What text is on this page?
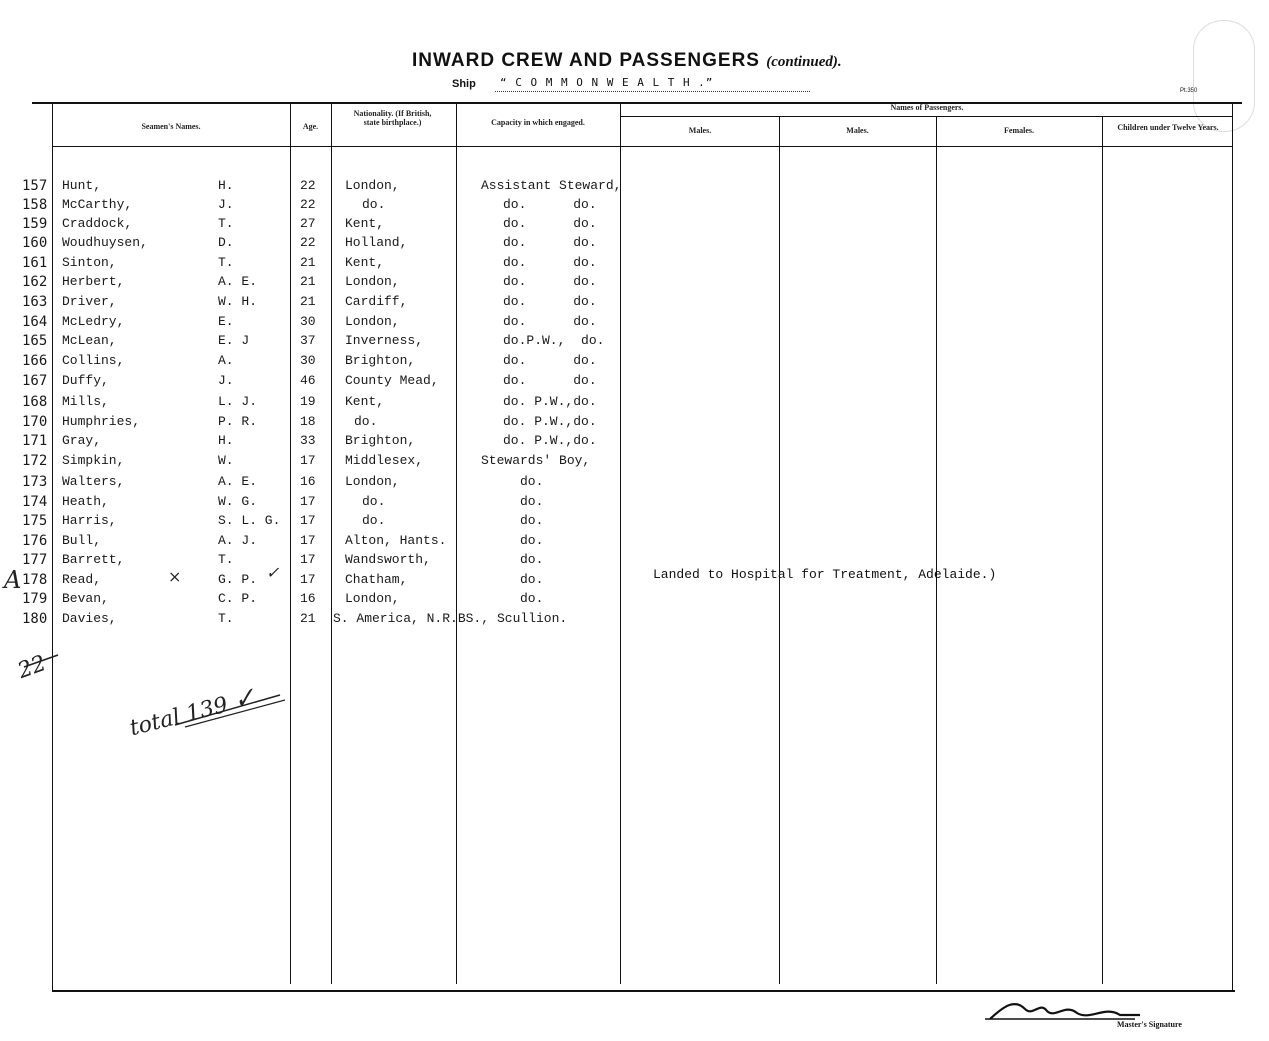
INWARD CREW AND PASSENGERS (continued).
Ship “ C O M M O N W E A L T H .”
Pt.350
Seamen's Names.	Age.
Nationality. (If British, state birthplace.)	Capacity in which engaged.
Names of Passengers.
Males.	Males.	Females.	Children under Twelve Years.
157 Hunt,	H.	22 London,	Assistant Steward,
158 McCarthy,	J.	22	do.	do.      do.
159 Craddock,	T.	27 Kent,	do.      do.
160 Woudhuysen,	D.	22 Holland,	do.      do.
161 Sinton,	T.	21 Kent,	do.      do.
162 Herbert,	A. E.	21 London,	do.      do.
163 Driver,	W. H.	21 Cardiff,	do.      do.
164 McLedry,	E.	30 London,	do.      do.
165 McLean,	E. J	37 Inverness,	do.P.W.,  do.
166 Collins,	A.	30 Brighton,	do.      do.
167 Duffy,	J.	46 County Mead,	do.      do.
168 Mills,	L. J.	19 Kent,	do. P.W.,do.
170 Humphries,	P. R.	18	do.	do. P.W.,do.
171 Gray,	H.	33 Brighton,	do. P.W.,do.
172 Simpkin,	W.	17 Middlesex,	Stewards' Boy,
173 Walters,	A. E.	16 London,	do.
174 Heath,	W. G.	17	do.	do.
175 Harris,	S. L. G. 17	do.	do.
176 Bull,	A. J.	17 Alton, Hants.	do.
177 Barrett,	T.	17 Wandsworth,	do.
178 Read,	G. P.	17 Chatham,	do.
179 Bevan,	C. P.	16 London,	do.
180 Davies,	T.	21 S. America, N.R.BS., Scullion.
Landed to Hospital for Treatment, Adelaide.)
A	×	✓
22
total 139 ✓
Master's Signature
